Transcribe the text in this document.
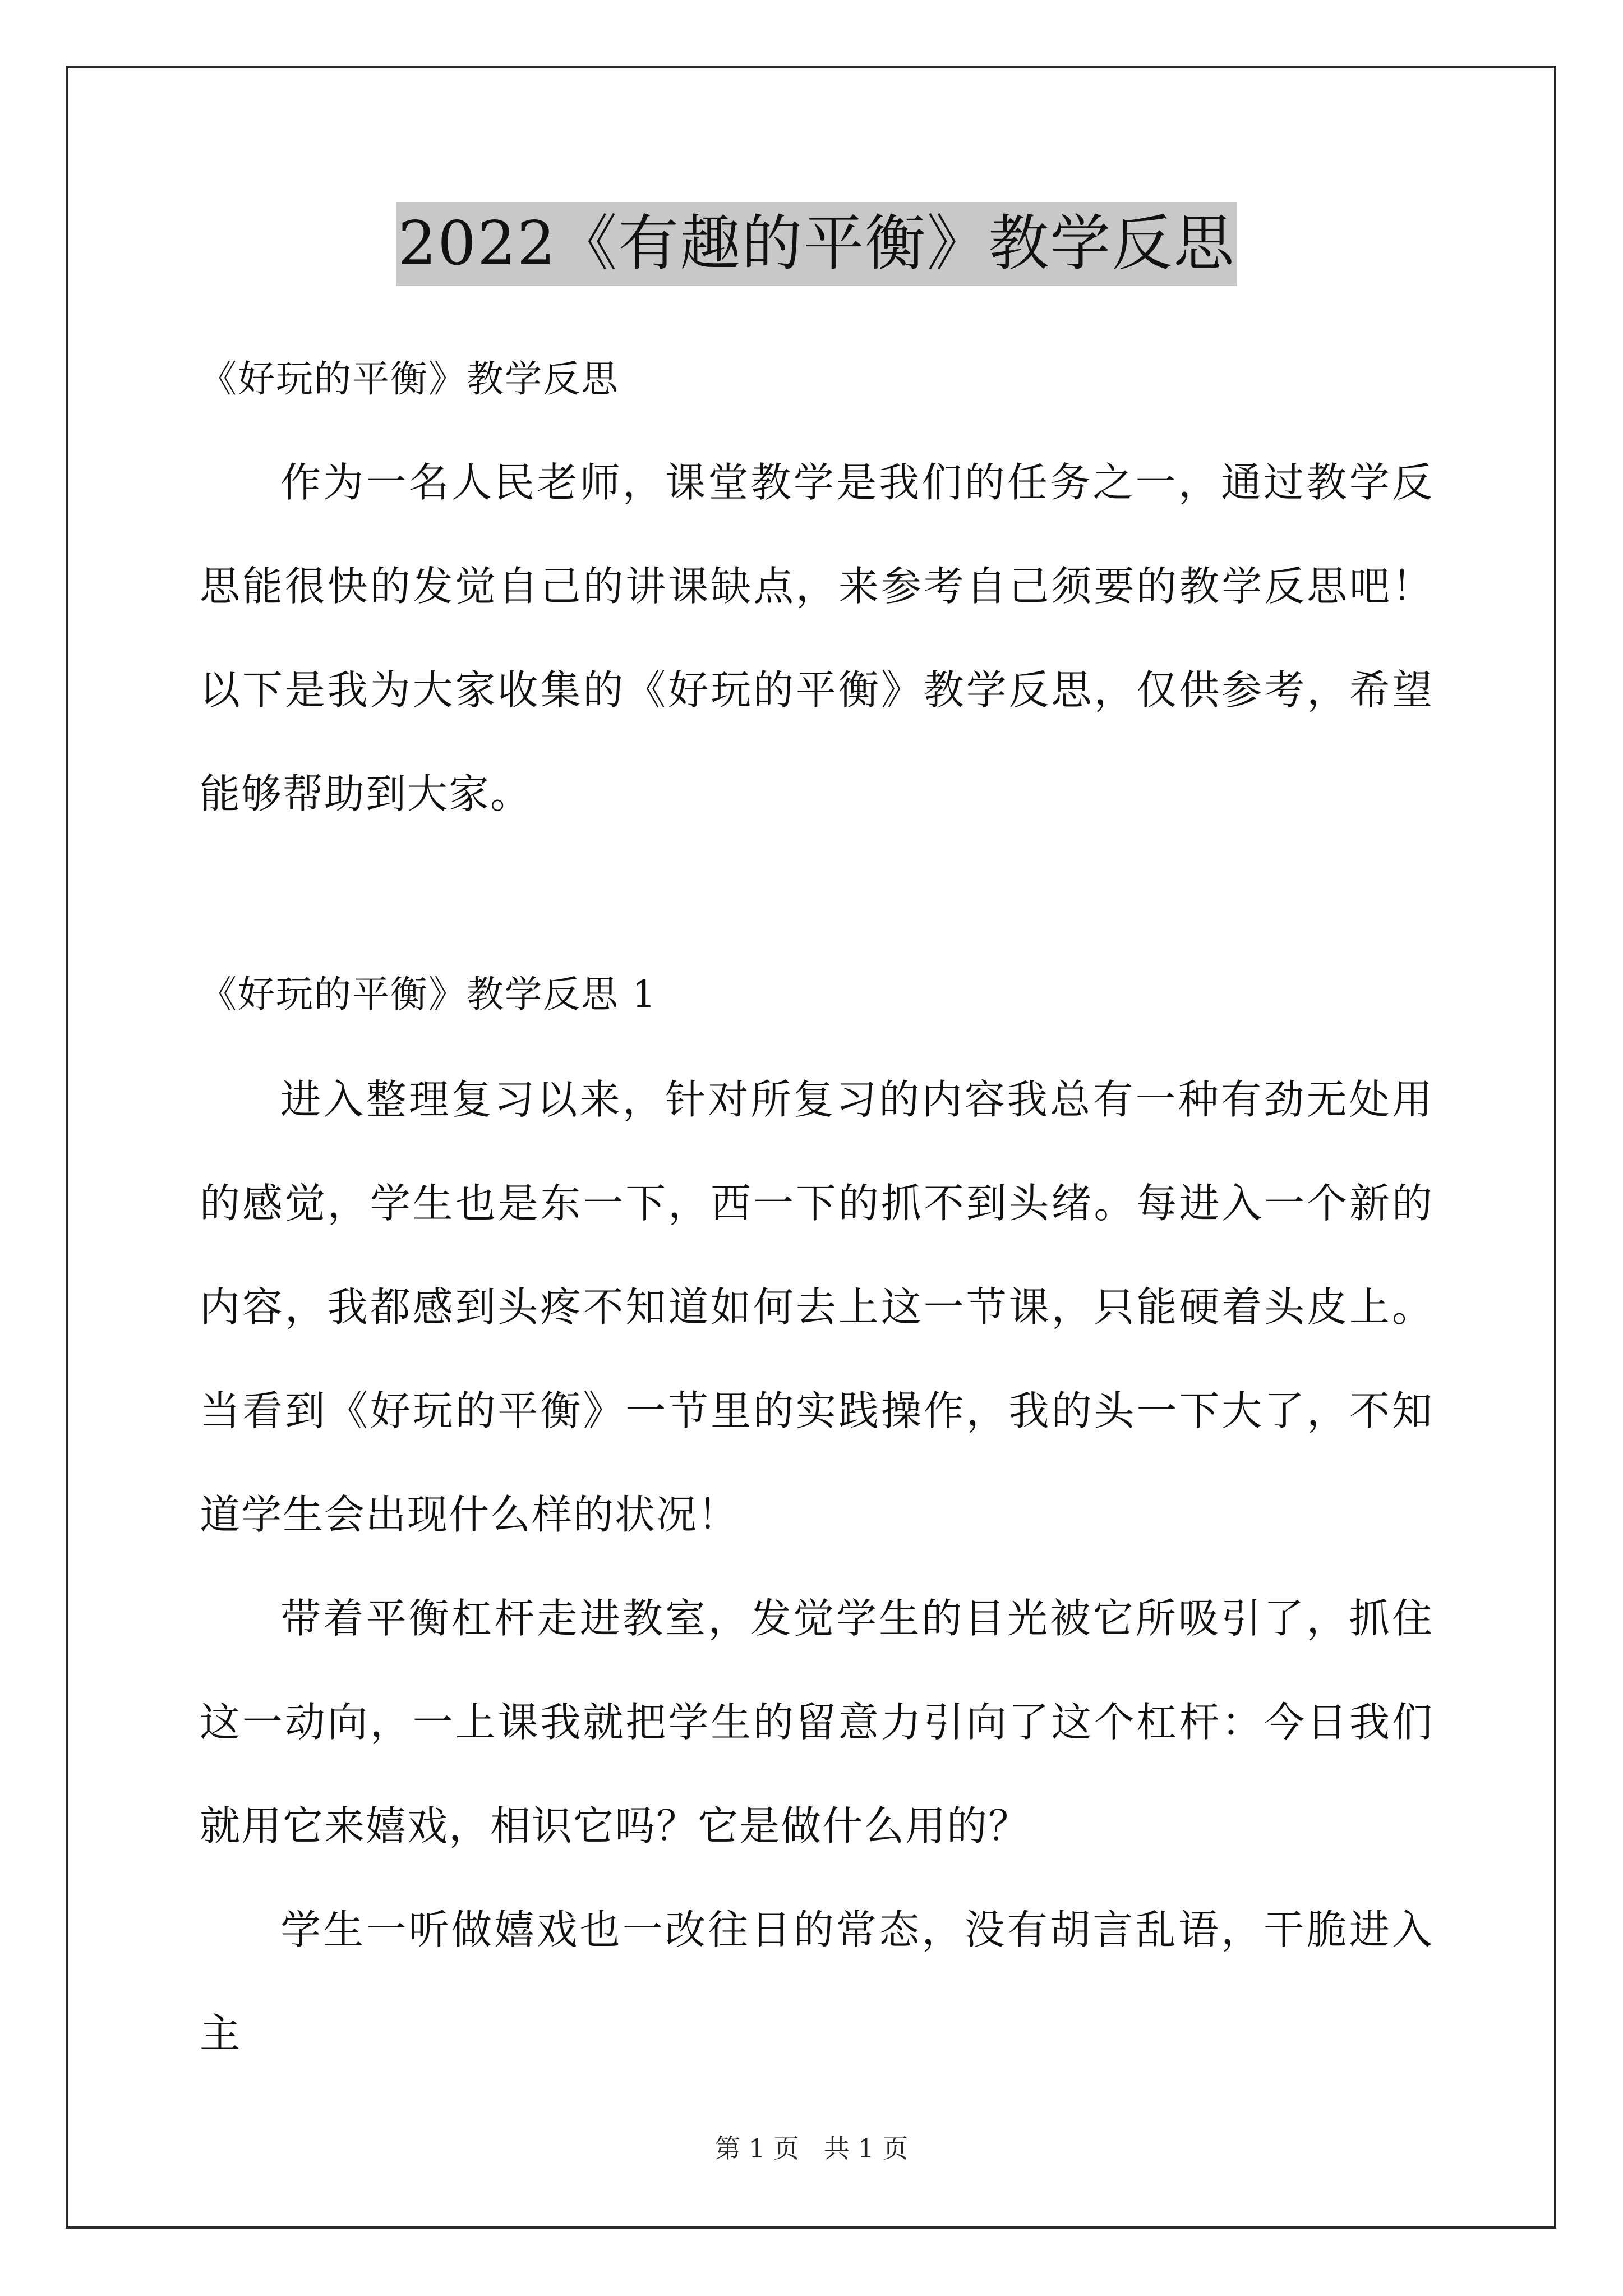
2022《有趣的平衡》教学反思
《好玩的平衡》教学反思
作为一名人民老师，课堂教学是我们的任务之一，通过教学反思能很快的发觉自己的讲课缺点，来参考自己须要的教学反思吧！以下是我为大家收集的《好玩的平衡》教学反思，仅供参考，希望能够帮助到大家。
《好玩的平衡》教学反思 1
进入整理复习以来，针对所复习的内容我总有一种有劲无处用的感觉，学生也是东一下，西一下的抓不到头绪。每进入一个新的内容，我都感到头疼不知道如何去上这一节课，只能硬着头皮上。当看到《好玩的平衡》一节里的实践操作，我的头一下大了，不知道学生会出现什么样的状况！
带着平衡杠杆走进教室，发觉学生的目光被它所吸引了，抓住这一动向，一上课我就把学生的留意力引向了这个杠杆：今日我们就用它来嬉戏，相识它吗？它是做什么用的？
学生一听做嬉戏也一改往日的常态，没有胡言乱语，干脆进入主
第 1 页   共 1 页
